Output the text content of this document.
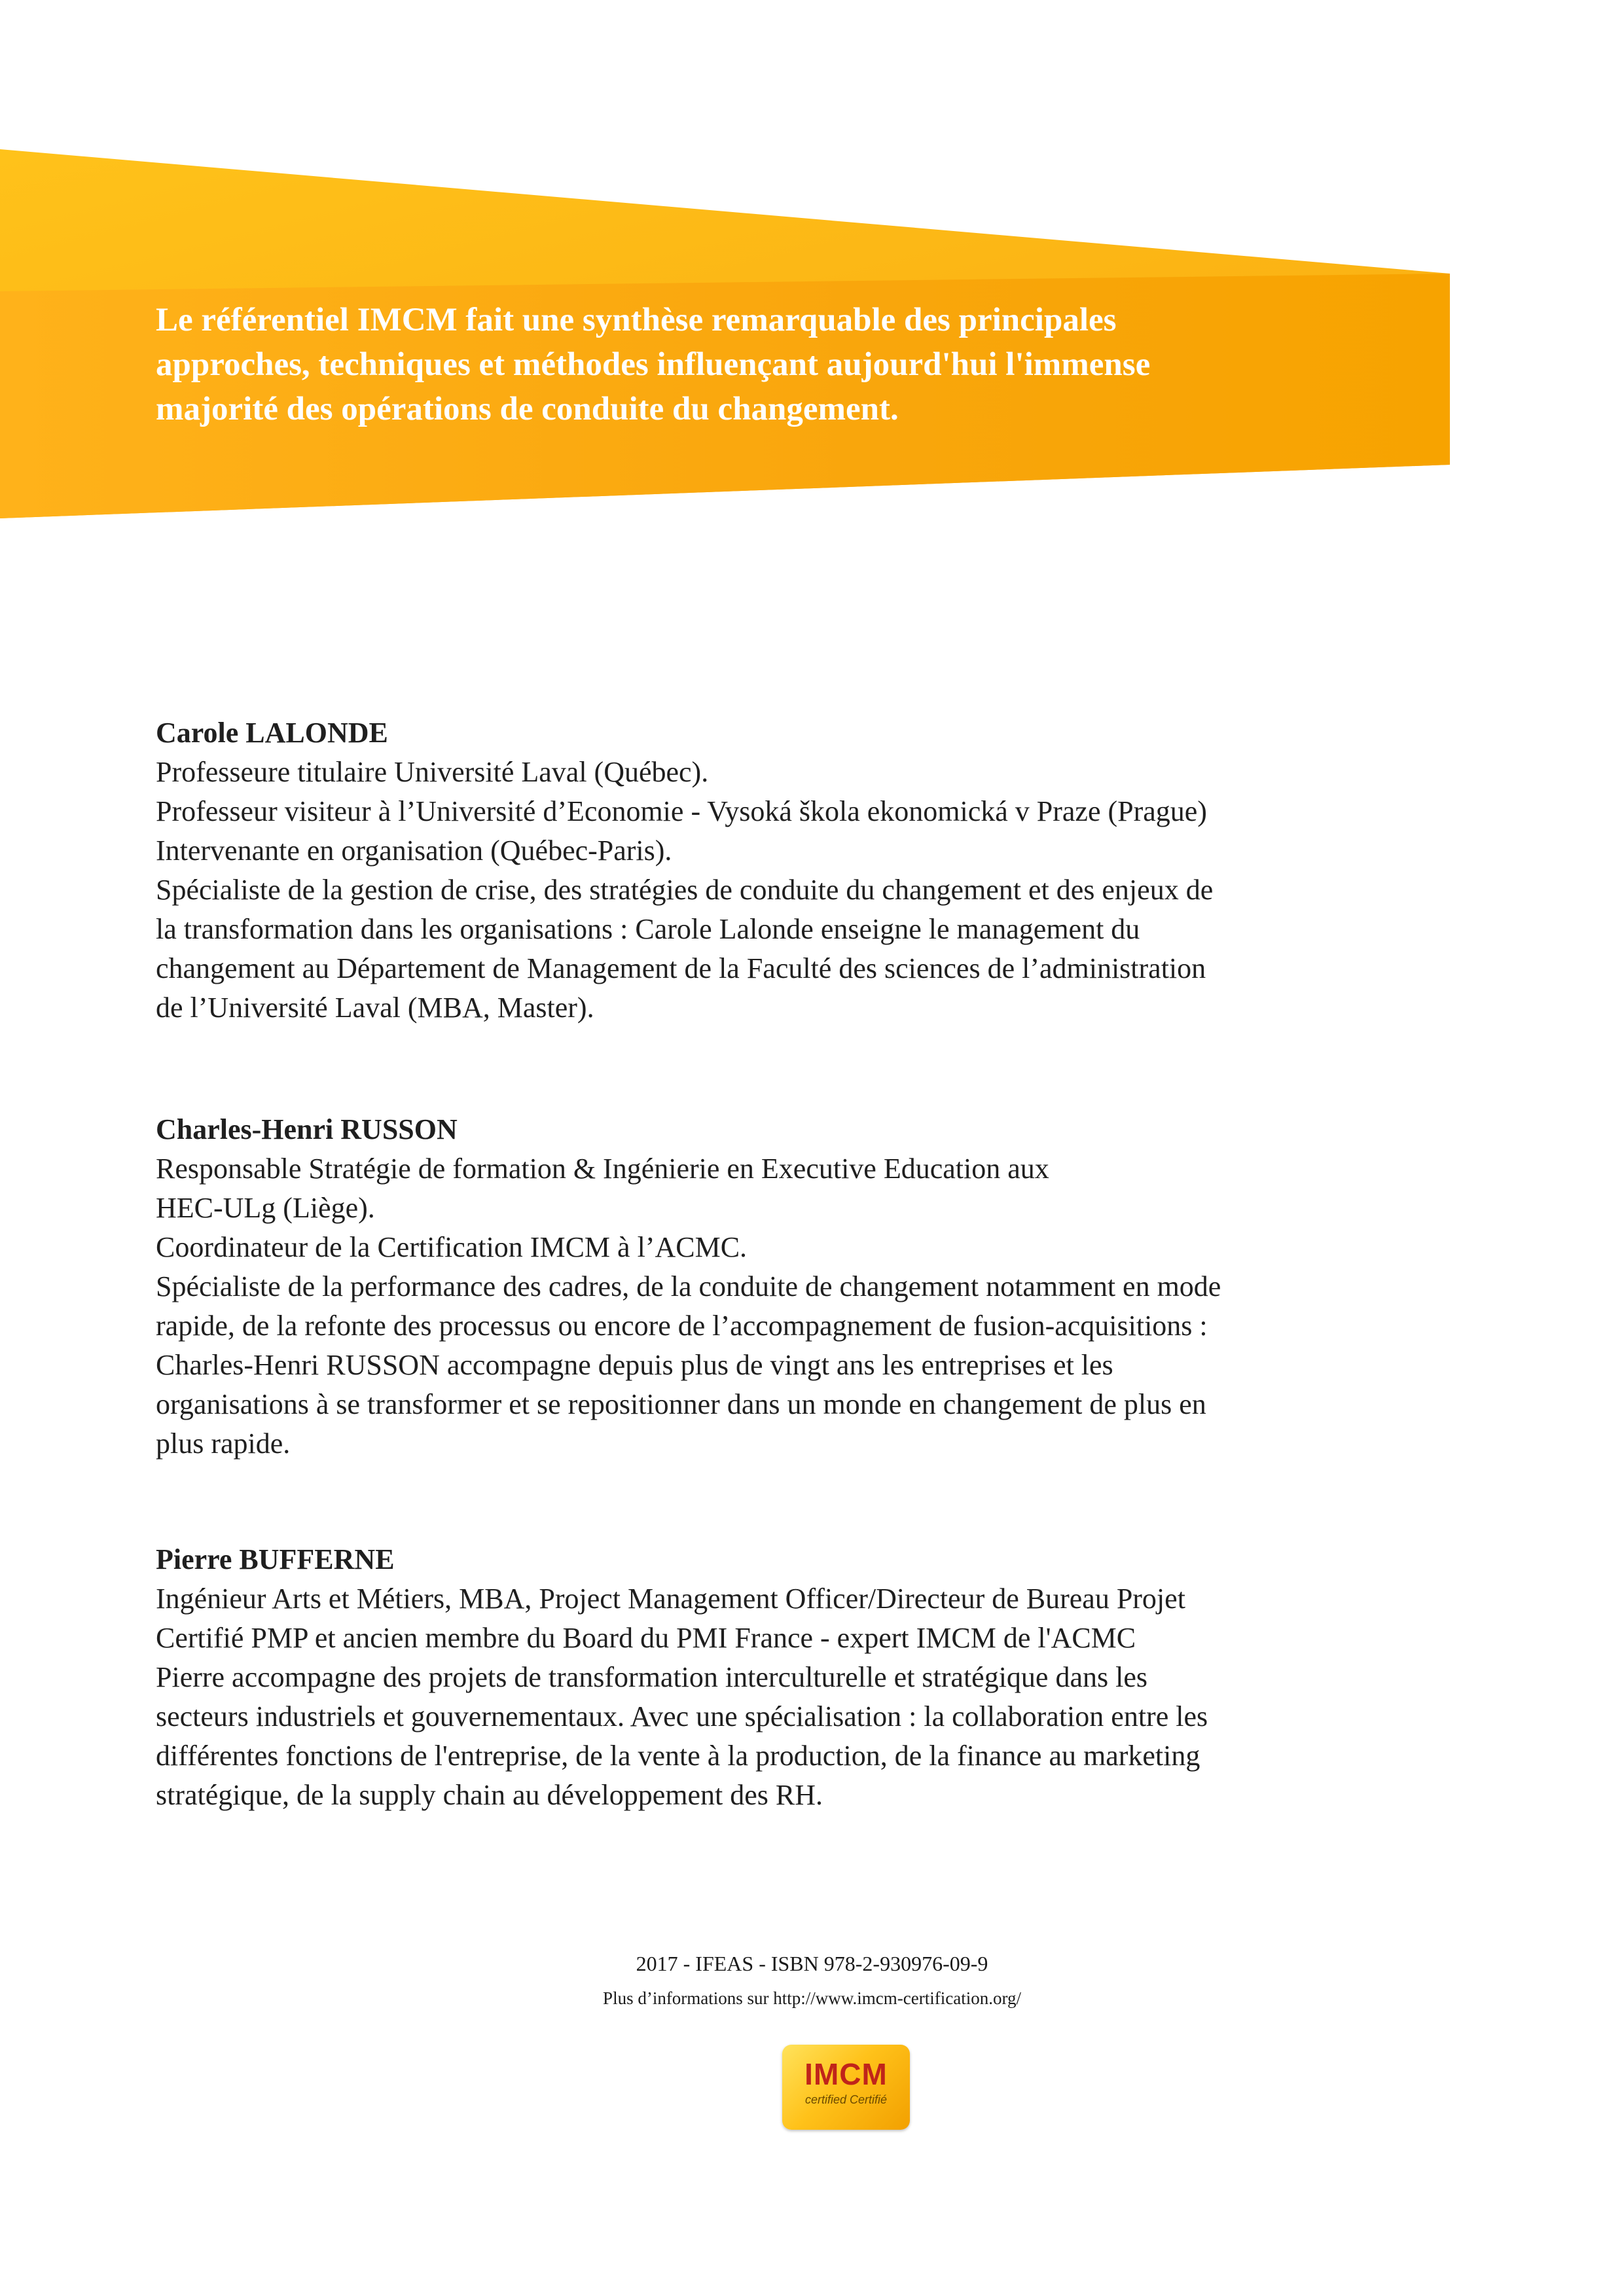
Le référentiel IMCM fait une synthèse remarquable des principales
approches, techniques et méthodes influençant aujourd'hui l'immense
majorité des opérations de conduite du changement.
Carole LALONDE
Professeure titulaire Université Laval (Québec).
Professeur visiteur à l’Université d’Economie - Vysoká škola ekonomická v Praze (Prague)
Intervenante en organisation (Québec-Paris).
Spécialiste de la gestion de crise, des stratégies de conduite du changement et des enjeux de
la transformation dans les organisations : Carole Lalonde enseigne le management du
changement au Département de Management de la Faculté des sciences de l’administration
de l’Université Laval (MBA, Master).
Charles-Henri RUSSON
Responsable Stratégie de formation & Ingénierie en Executive Education aux
HEC-ULg (Liège).
Coordinateur de la Certification IMCM à l’ACMC.
Spécialiste de la performance des cadres, de la conduite de changement notamment en mode
rapide, de la refonte des processus ou encore de l’accompagnement de fusion-acquisitions :
Charles-Henri RUSSON accompagne depuis plus de vingt ans les entreprises et les
organisations à se transformer et se repositionner dans un monde en changement de plus en
plus rapide.
Pierre BUFFERNE
Ingénieur Arts et Métiers, MBA, Project Management Officer/Directeur de Bureau Projet
Certifié PMP et ancien membre du Board du PMI France - expert IMCM de l'ACMC
Pierre accompagne des projets de transformation interculturelle et stratégique dans les
secteurs industriels et gouvernementaux. Avec une spécialisation : la collaboration entre les
différentes fonctions de l'entreprise, de la vente à la production, de la finance au marketing
stratégique, de la supply chain au développement des RH.
2017 - IFEAS - ISBN 978-2-930976-09-9
Plus d’informations sur http://www.imcm-certification.org/
IMCM
certified Certifié
